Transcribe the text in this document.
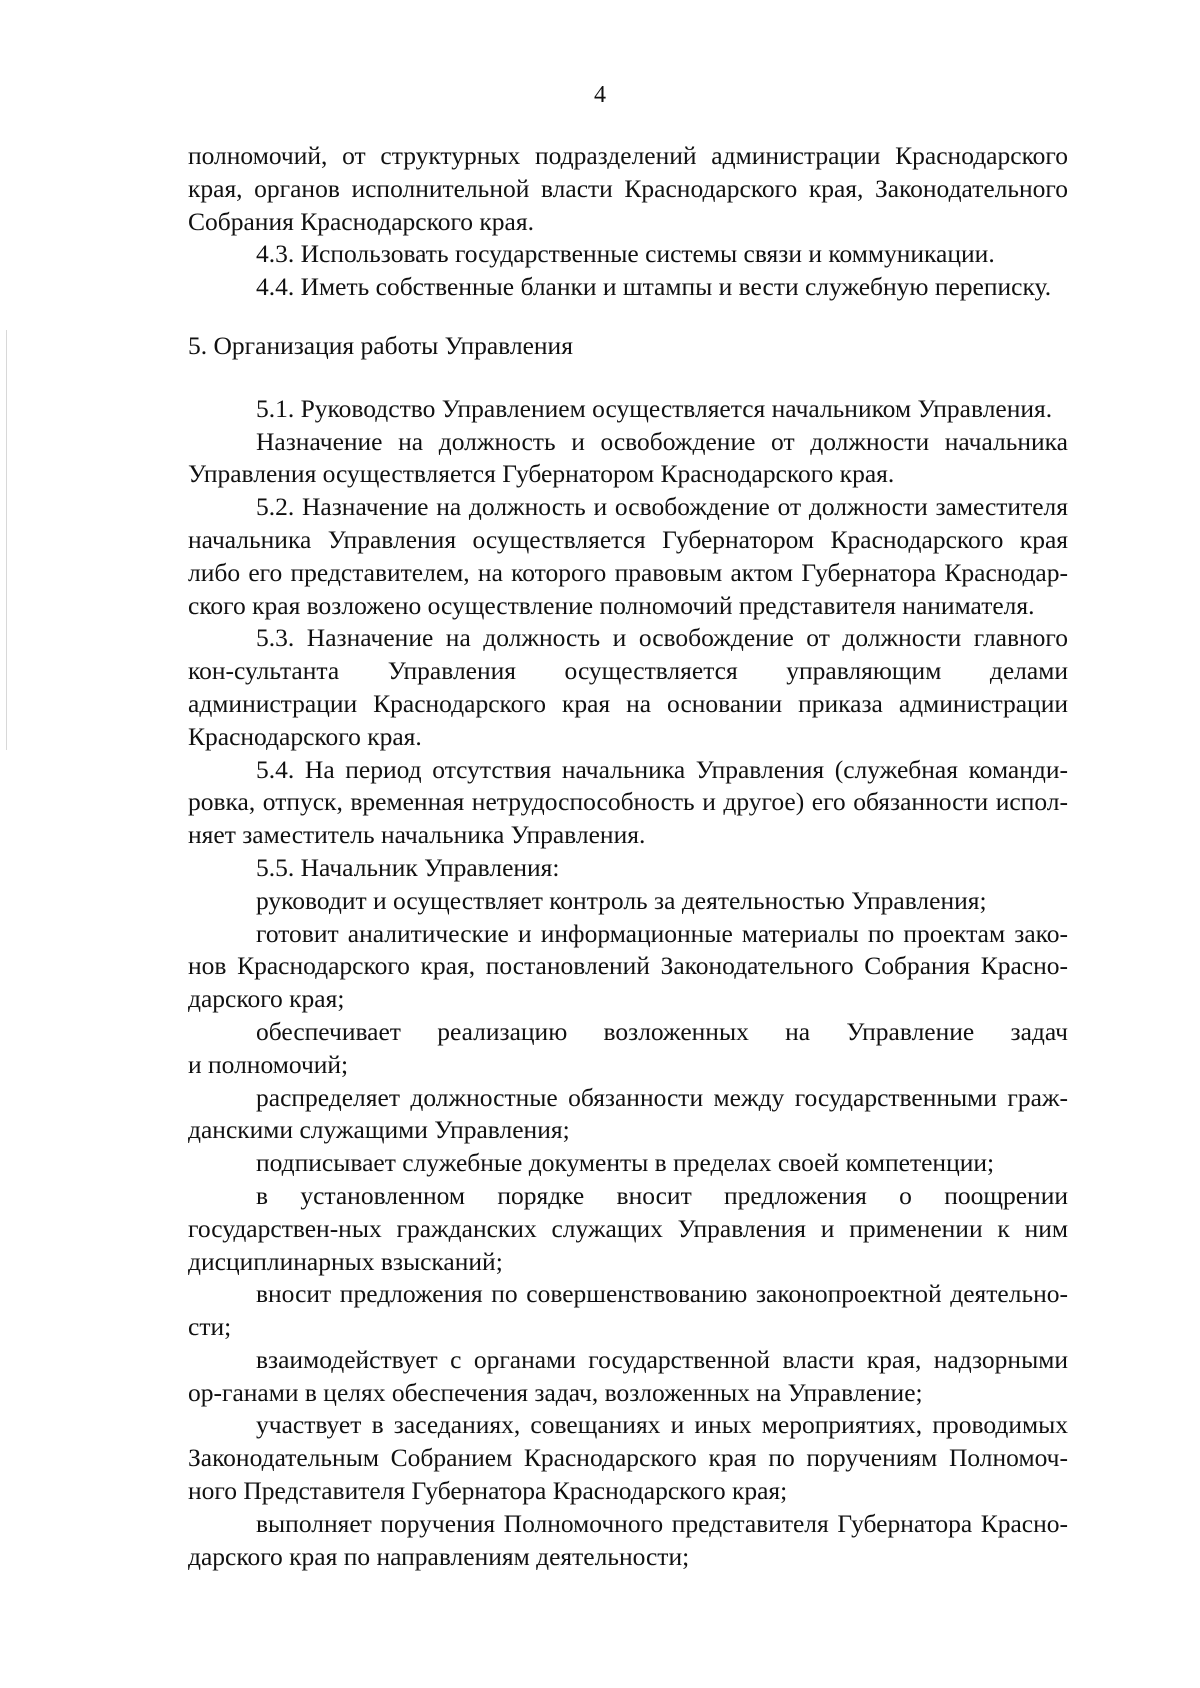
4

полномочий, от структурных подразделений администрации Краснодарского края, органов исполнительной власти Краснодарского края, Законодательного Собрания Краснодарского края.

4.3. Использовать государственные системы связи и коммуникации.

4.4. Иметь собственные бланки и штампы и вести служебную переписку.

5. Организация работы Управления

5.1. Руководство Управлением осуществляется начальником Управления.

Назначение на должность и освобождение от должности начальника Управления осуществляется Губернатором Краснодарского края.

5.2. Назначение на должность и освобождение от должности заместителя начальника Управления осуществляется Губернатором Краснодарского края либо его представителем, на которого правовым актом Губернатора Краснодар-ского края возложено осуществление полномочий представителя нанимателя.

5.3. Назначение на должность и освобождение от должности главного кон-сультанта Управления осуществляется управляющим делами администрации Краснодарского края на основании приказа администрации Краснодарского края.

5.4. На период отсутствия начальника Управления (служебная команди-ровка, отпуск, временная нетрудоспособность и другое) его обязанности испол-няет заместитель начальника Управления.

5.5. Начальник Управления:

руководит и осуществляет контроль за деятельностью Управления;

готовит аналитические и информационные материалы по проектам зако-нов Краснодарского края, постановлений Законодательного Собрания Красно-дарского края;

обеспечивает реализацию возложенных на Управление задач

и полномочий;

распределяет должностные обязанности между государственными граж-данскими служащими Управления;

подписывает служебные документы в пределах своей компетенции;

в установленном порядке вносит предложения о поощрении государствен-ных гражданских служащих Управления и применении к ним дисциплинарных взысканий;

вносит предложения по совершенствованию законопроектной деятельно-сти;

взаимодействует с органами государственной власти края, надзорными ор-ганами в целях обеспечения задач, возложенных на Управление;

участвует в заседаниях, совещаниях и иных мероприятиях, проводимых Законодательным Собранием Краснодарского края по поручениям Полномоч-ного Представителя Губернатора Краснодарского края;

выполняет поручения Полномочного представителя Губернатора Красно-дарского края по направлениям деятельности;
